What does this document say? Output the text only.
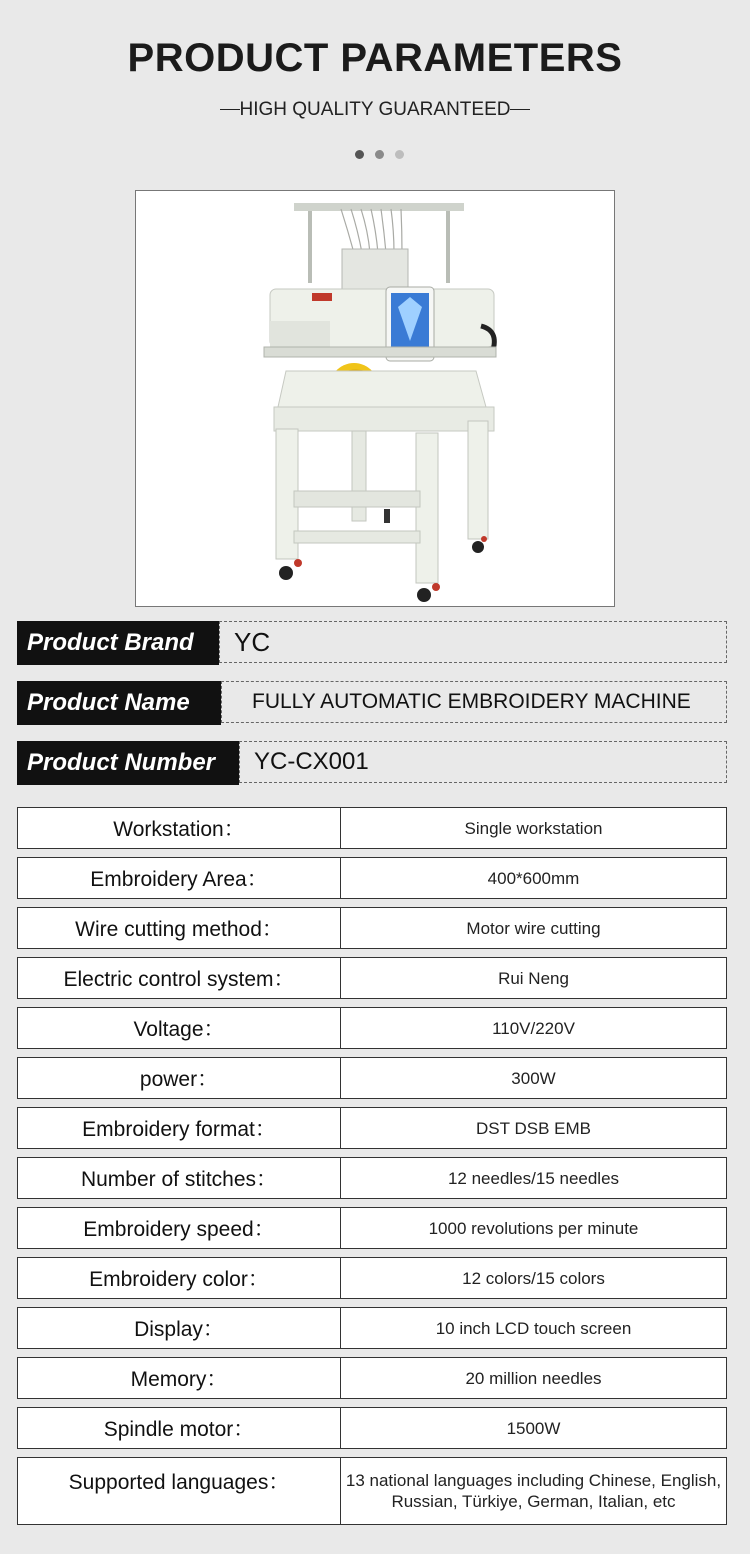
PRODUCT PARAMETERS
HIGH QUALITY GUARANTEED
Product Brand	YC
Product Name	FULLY AUTOMATIC EMBROIDERY MACHINE
Product Number	YC-CX001
Workstation：	Single workstation
Embroidery Area：	400*600mm
Wire cutting method：	Motor wire cutting
Electric control system：	Rui Neng
Voltage：	110V/220V
power：	300W
Embroidery format：	DST DSB EMB
Number of stitches：	12 needles/15 needles
Embroidery speed：	1000 revolutions per minute
Embroidery color：	12 colors/15 colors
Display：	10 inch LCD touch screen
Memory：	20 million needles
Spindle motor：	1500W
Supported languages：	13 national languages including Chinese, English, Russian, Türkiye, German, Italian, etc
